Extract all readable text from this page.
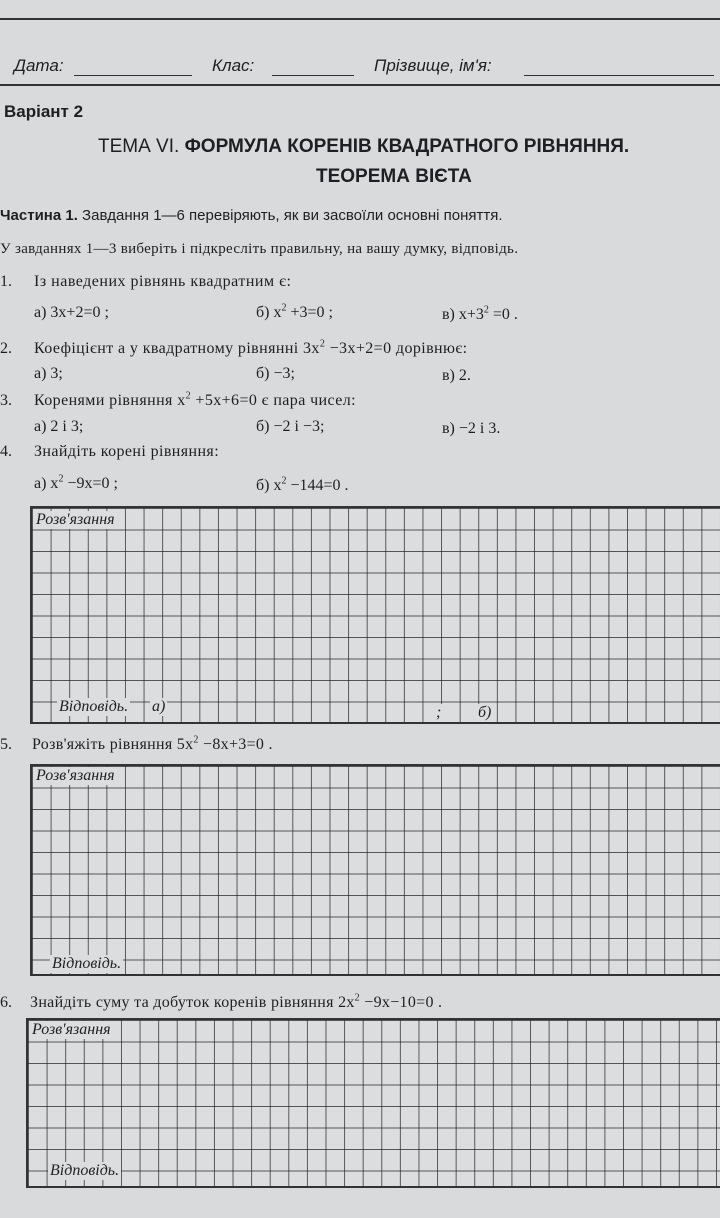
Дата:	Клас:	Прізвище, ім'я:
Варіант 2
ТЕМА VI. ФОРМУЛА КОРЕНІВ КВАДРАТНОГО РІВНЯННЯ.
ТЕОРЕМА ВІЄТА
Частина 1. Завдання 1—6 перевіряють, як ви засвоїли основні поняття.
У завданнях 1—3 виберіть і підкресліть правильну, на вашу думку, відповідь.
1. Із наведених рівнянь квадратним є:
а) 3x+2=0 ;	б) $x^2 +3=0$ ;	в) $x+3^2 =0$ .
2. Коефіцієнт a у квадратному рівнянні $3x^2 -3x+2=0$ дорівнює:
а) 3;	б) −3;	в) 2.
3. Коренями рівняння $x^2 +5x+6=0$ є пара чисел:
а) 2 і 3;	б) −2 і −3;	в) −2 і 3.
4. Знайдіть корені рівняння:
а) $x^2 -9x=0$ ;	б) $x^2 -144=0$ .
Розв'язання
Відповідь. а)	; б)
5. Розв'яжіть рівняння $5x^2 -8x+3=0$ .
Розв'язання
Відповідь.
6. Знайдіть суму та добуток коренів рівняння $2x^2 -9x-10=0$ .
Розв'язання
Відповідь.
